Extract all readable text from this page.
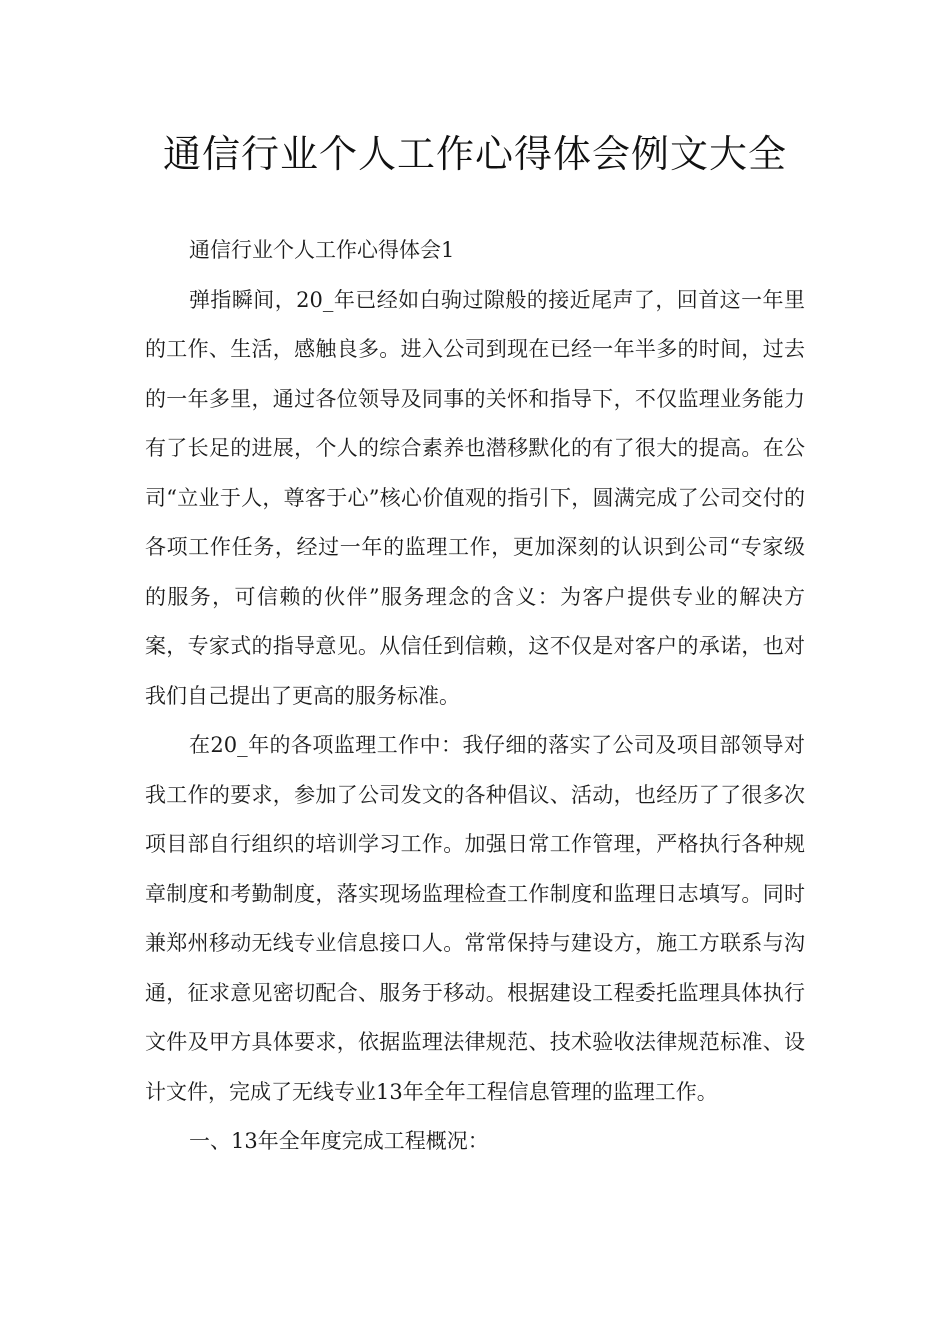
通信行业个人工作心得体会例文大全

通信行业个人工作心得体会1

弹指瞬间，20_年已经如白驹过隙般的接近尾声了，回首这一年里的工作、生活，感触良多。进入公司到现在已经一年半多的时间，过去的一年多里，通过各位领导及同事的关怀和指导下，不仅监理业务能力有了长足的进展，个人的综合素养也潜移默化的有了很大的提高。在公司“立业于人，尊客于心”核心价值观的指引下，圆满完成了公司交付的各项工作任务，经过一年的监理工作，更加深刻的认识到公司“专家级的服务，可信赖的伙伴”服务理念的含义：为客户提供专业的解决方案，专家式的指导意见。从信任到信赖，这不仅是对客户的承诺，也对我们自己提出了更高的服务标准。

在20_年的各项监理工作中：我仔细的落实了公司及项目部领导对我工作的要求，参加了公司发文的各种倡议、活动，也经历了了很多次项目部自行组织的培训学习工作。加强日常工作管理，严格执行各种规章制度和考勤制度，落实现场监理检查工作制度和监理日志填写。同时兼郑州移动无线专业信息接口人。常常保持与建设方，施工方联系与沟通，征求意见密切配合、服务于移动。根据建设工程委托监理具体执行文件及甲方具体要求，依据监理法律规范、技术验收法律规范标准、设计文件，完成了无线专业13年全年工程信息管理的监理工作。

一、13年全年度完成工程概况：
